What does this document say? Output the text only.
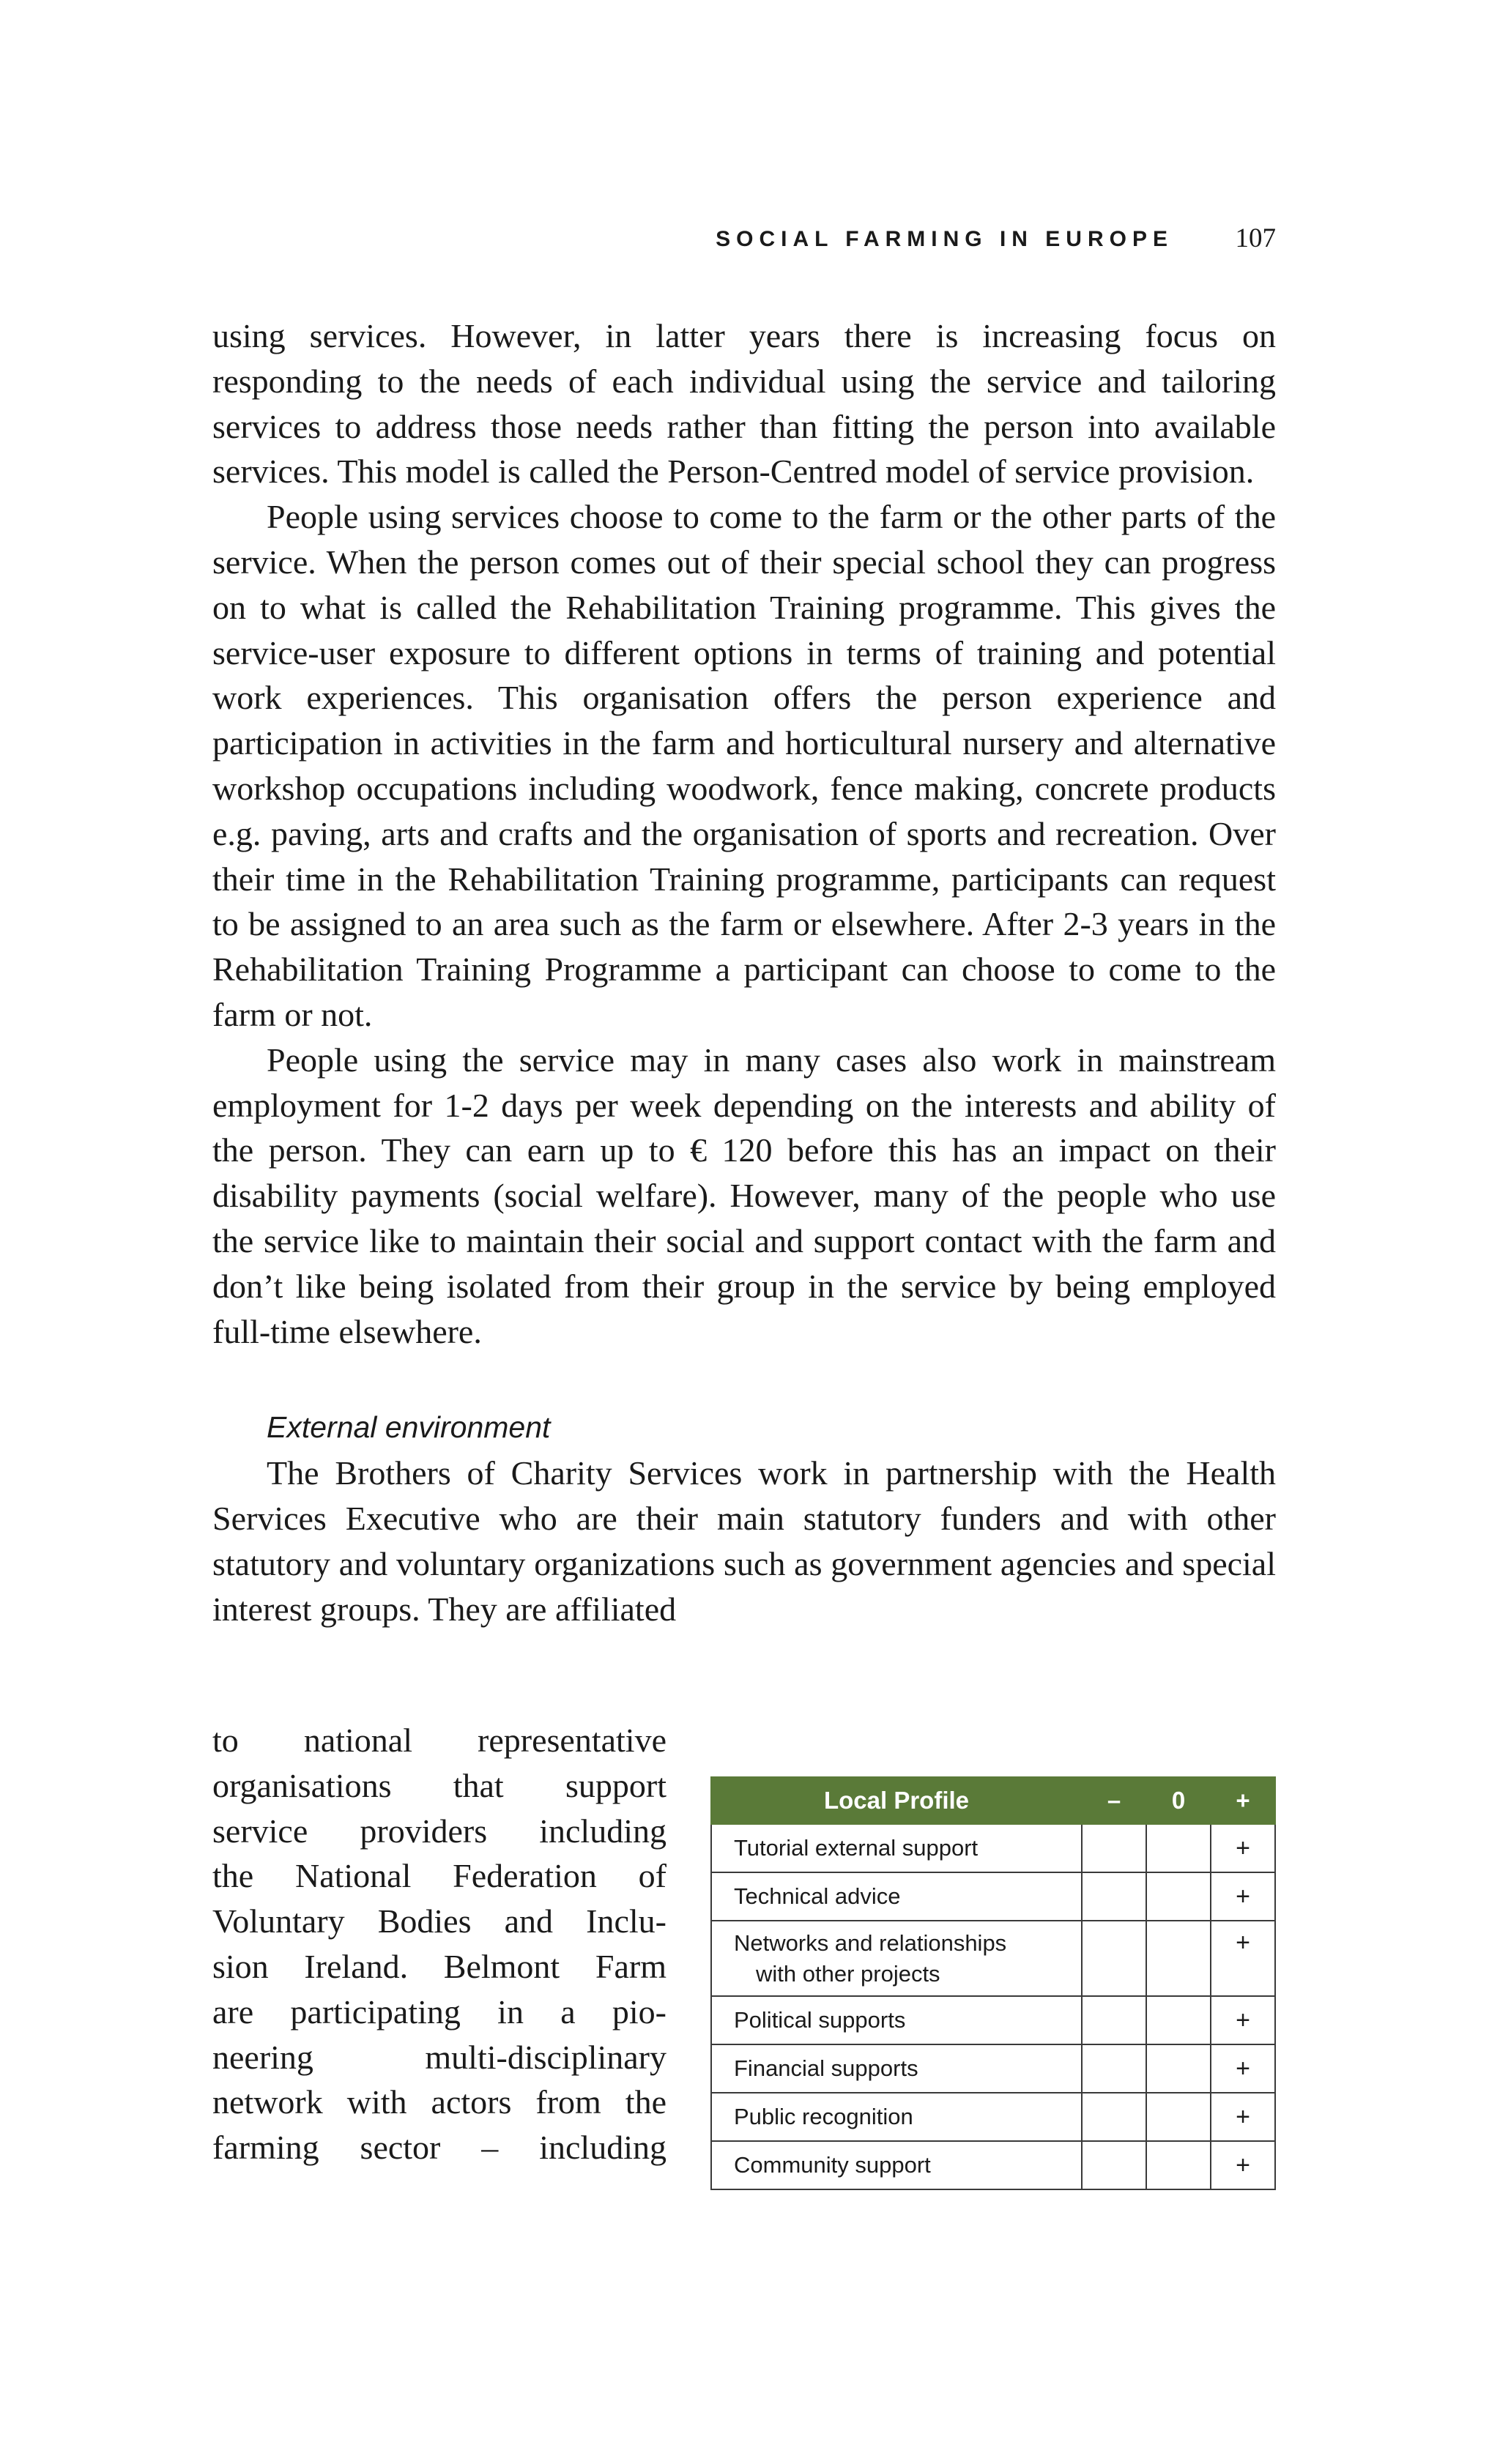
SOCIAL FARMING IN EUROPE 107

using services. However, in latter years there is increasing focus on responding to the needs of each individual using the service and tailoring services to address those needs rather than fitting the person into available services. This model is called the Person-Centred model of service provision.

People using services choose to come to the farm or the other parts of the service. When the person comes out of their special school they can progress on to what is called the Rehabilitation Training programme. This gives the service-user exposure to different options in terms of training and potential work experiences. This organisation offers the person experience and participation in activities in the farm and horticultural nursery and alternative workshop occupations including woodwork, fence making, concrete products e.g. paving, arts and crafts and the organisation of sports and recreation. Over their time in the Rehabilitation Training programme, participants can request to be assigned to an area such as the farm or elsewhere. After 2-3 years in the Rehabilitation Training Programme a participant can choose to come to the farm or not.

People using the service may in many cases also work in mainstream employment for 1-2 days per week depending on the interests and ability of the person. They can earn up to € 120 before this has an impact on their disability payments (social welfare). However, many of the people who use the service like to maintain their social and support contact with the farm and don’t like being isolated from their group in the service by being employed full-time elsewhere.

External environment

The Brothers of Charity Services work in partnership with the Health Services Executive who are their main statutory funders and with other statutory and voluntary organizations such as government agencies and special interest groups. They are affiliated

to national representative
organisations that support
service providers including
the National Federation of
Voluntary Bodies and Inclu-
sion Ireland. Belmont Farm
are participating in a pio-
neering multi-disciplinary
network with actors from the
farming sector – including
Local Profile	–	0	+
Tutorial external support			+
Technical advice			+
Networks and relationships
with other projects			+
Political supports			+
Financial supports			+
Public recognition			+
Community support			+
